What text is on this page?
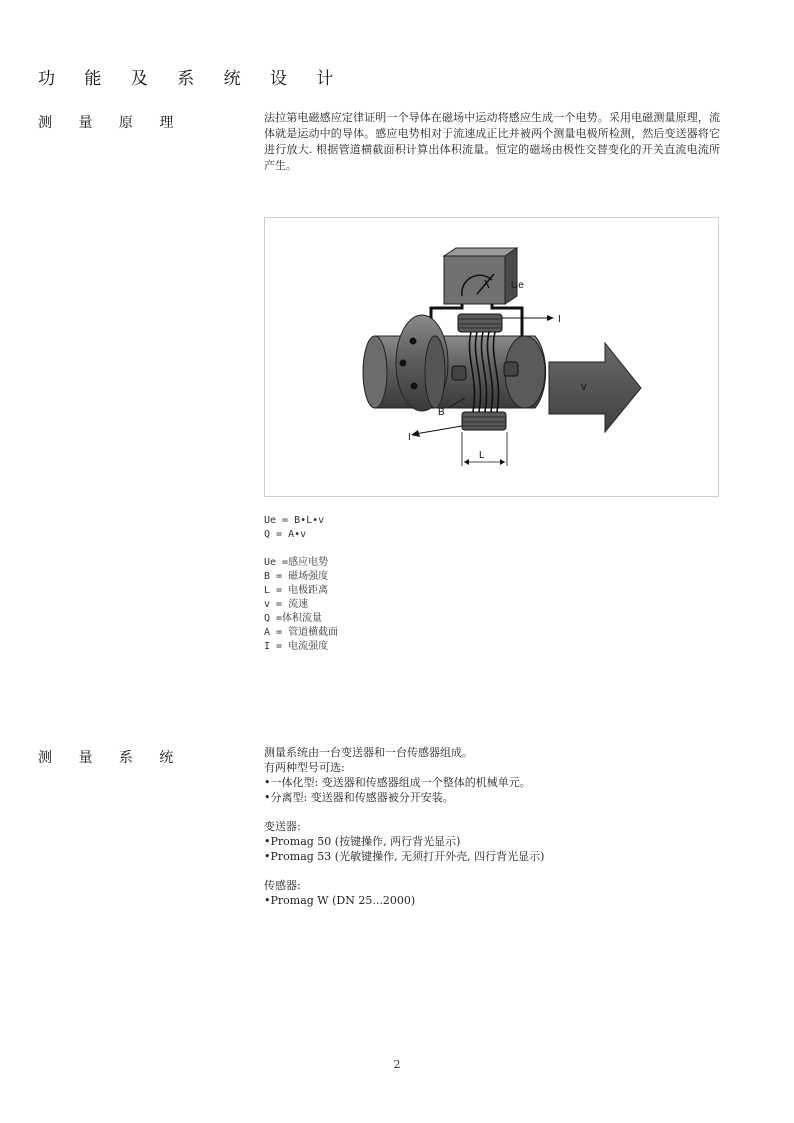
功 能 及 系 统 设 计
测 量 原 理	法拉第电磁感应定律证明一个导体在磁场中运动将感应生成一个电势。采用电磁测量原理，流体就是运动中的导体。感应电势相对于流速成正比并被两个测量电极所检测，然后变送器将它进行放大. 根据管道横截面积计算出体积流量。恒定的磁场由极性交替变化的开关直流电流所产生。
Ue
v
I
I
B
L
Ue = B•L•v
Q = A•v
Ue =感应电势
B = 磁场强度
L = 电极距离
v = 流速
Q =体积流量
A = 管道横截面
I = 电流强度
测 量 系 统	测量系统由一台变送器和一台传感器组成。
有两种型号可选:
•一体化型: 变送器和传感器组成一个整体的机械单元。
•分离型: 变送器和传感器被分开安装。
变送器:
•Promag 50 (按键操作, 两行背光显示)
•Promag 53 (光敏键操作, 无须打开外壳, 四行背光显示)
传感器:
•Promag W (DN 25...2000)
2
